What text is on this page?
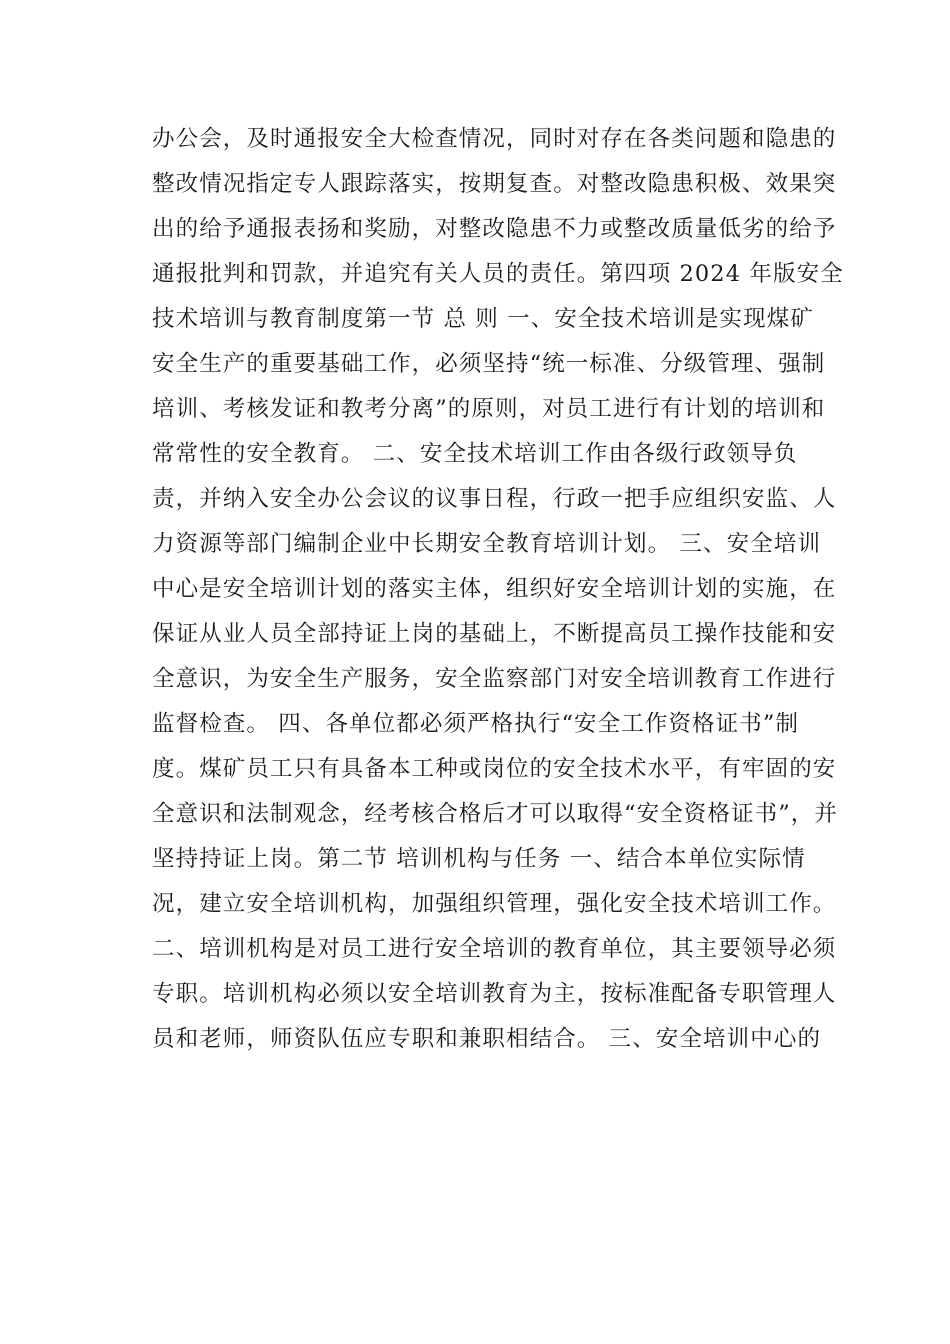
办公会，及时通报安全大检查情况，同时对存在各类问题和隐患的
整改情况指定专人跟踪落实，按期复查。对整改隐患积极、效果突
出的给予通报表扬和奖励，对整改隐患不力或整改质量低劣的给予
通报批判和罚款，并追究有关人员的责任。第四项 2024 年版安全
技术培训与教育制度第一节 总 则 一、安全技术培训是实现煤矿
安全生产的重要基础工作，必须坚持“统一标准、分级管理、强制
培训、考核发证和教考分离”的原则，对员工进行有计划的培训和
常常性的安全教育。 二、安全技术培训工作由各级行政领导负
责，并纳入安全办公会议的议事日程，行政一把手应组织安监、人
力资源等部门编制企业中长期安全教育培训计划。 三、安全培训
中心是安全培训计划的落实主体，组织好安全培训计划的实施，在
保证从业人员全部持证上岗的基础上，不断提高员工操作技能和安
全意识，为安全生产服务，安全监察部门对安全培训教育工作进行
监督检查。 四、各单位都必须严格执行“安全工作资格证书”制
度。煤矿员工只有具备本工种或岗位的安全技术水平，有牢固的安
全意识和法制观念，经考核合格后才可以取得“安全资格证书”，并
坚持持证上岗。第二节 培训机构与任务 一、结合本单位实际情
况，建立安全培训机构，加强组织管理，强化安全技术培训工作。
二、培训机构是对员工进行安全培训的教育单位，其主要领导必须
专职。培训机构必须以安全培训教育为主，按标准配备专职管理人
员和老师，师资队伍应专职和兼职相结合。 三、安全培训中心的
